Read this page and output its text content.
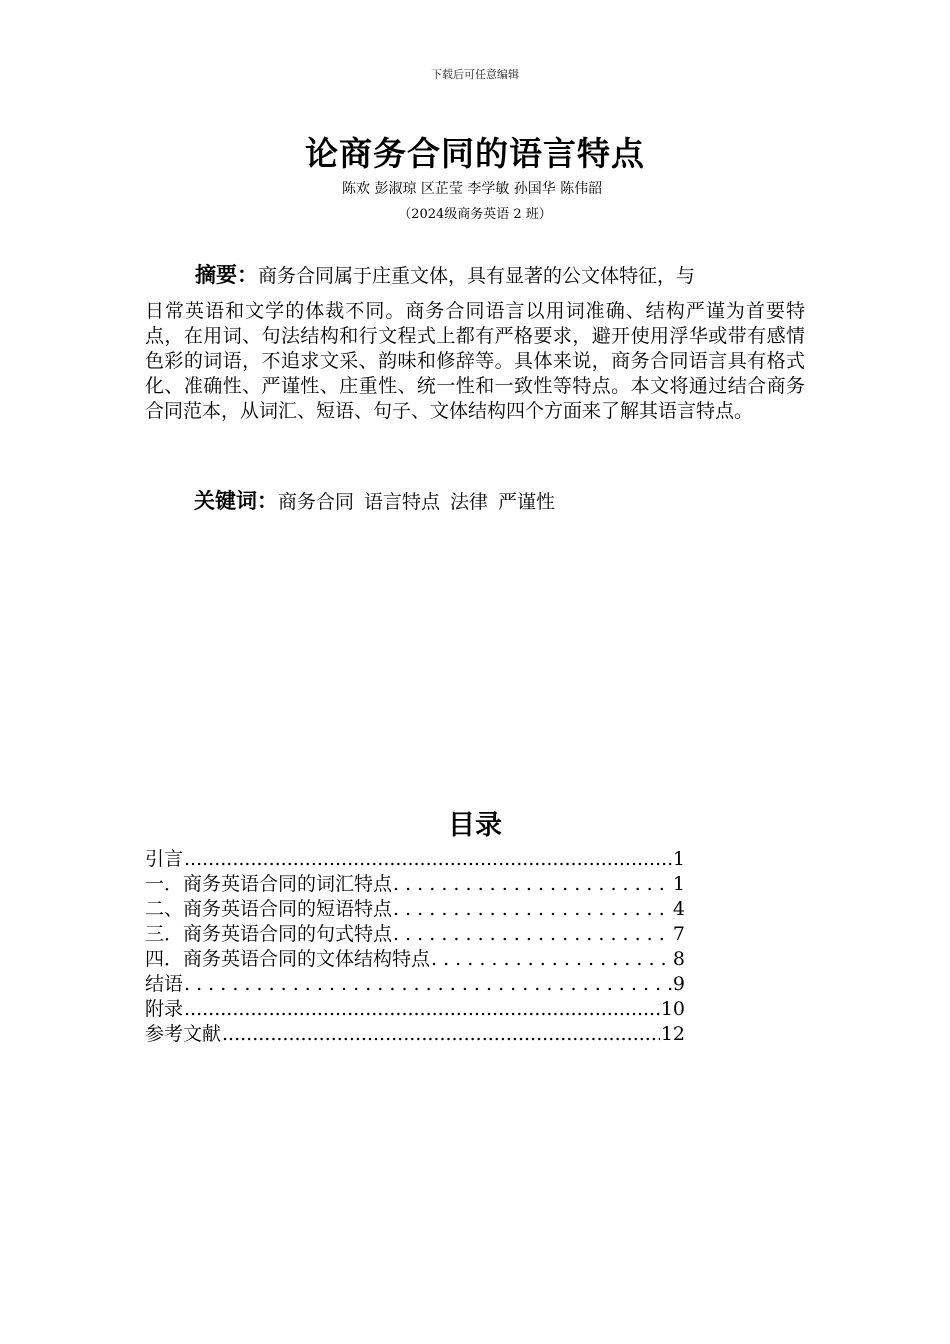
下载后可任意编辑
论商务合同的语言特点
陈欢 彭淑琼 区芷莹 李学敏 孙国华 陈伟韶
（2024级商务英语 2 班）
摘要：商务合同属于庄重文体，具有显著的公文体特征，与
日常英语和文学的体裁不同。商务合同语言以用词准确、结构严谨为首要特点，在用词、句法结构和行文程式上都有严格要求，避开使用浮华或带有感情色彩的词语，不追求文采、韵味和修辞等。具体来说，商务合同语言具有格式化、准确性、严谨性、庄重性、统一性和一致性等特点。本文将通过结合商务合同范本，从词汇、短语、句子、文体结构四个方面来了解其语言特点。
关键词：商务合同 语言特点 法律 严谨性
目录
引言 .....	1
一．商务英语合同的词汇特点 . . .	1
二、商务英语合同的短语特点 . . .	4
三．商务英语合同的句式特点 . . .	7
四．商务英语合同的文体结构特点 . . .	8
结语 . . .	9
附录 .....	10
参考文献 .....	12
